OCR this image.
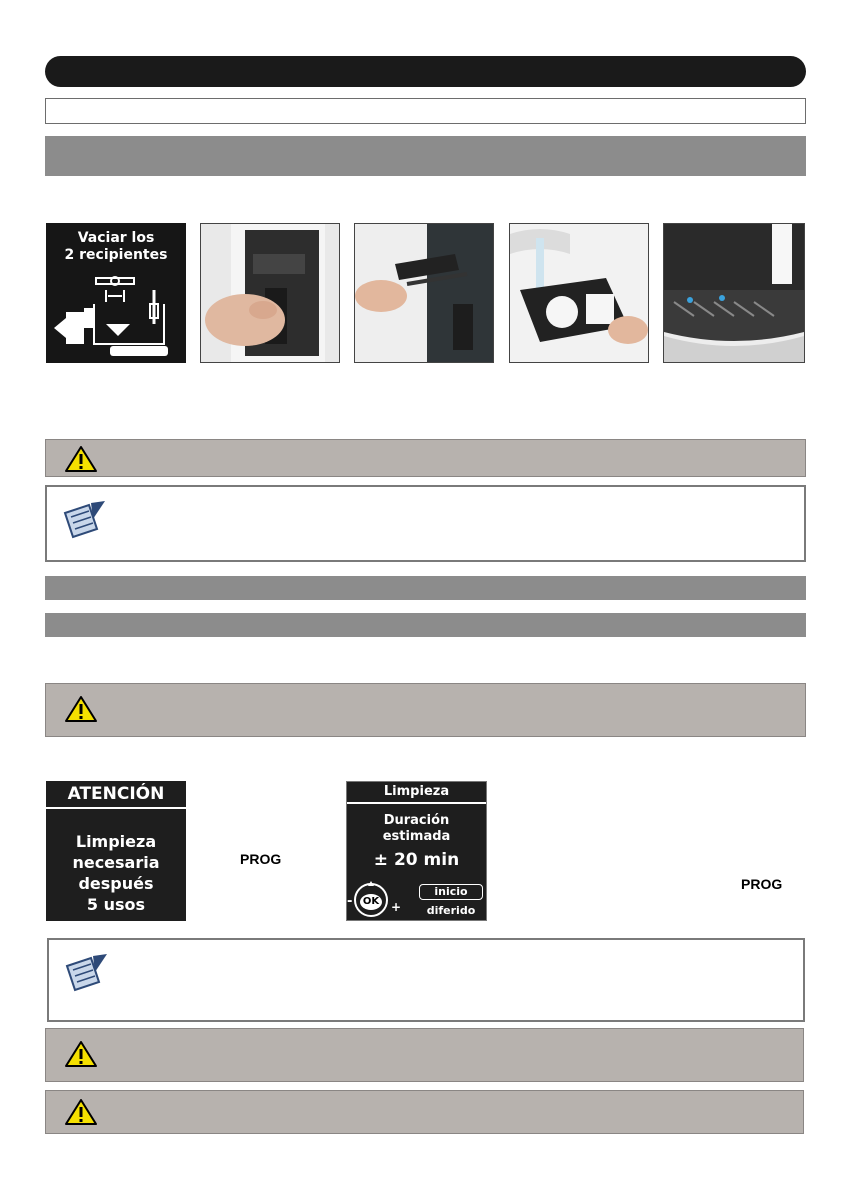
Vaciar los
2 recipientes
ATENCIÓN
Limpieza
necesaria
después
5 usos
PROG
Limpieza
Duración
estimada
± 20 min
OK
-	+
inicio
diferido
PROG
